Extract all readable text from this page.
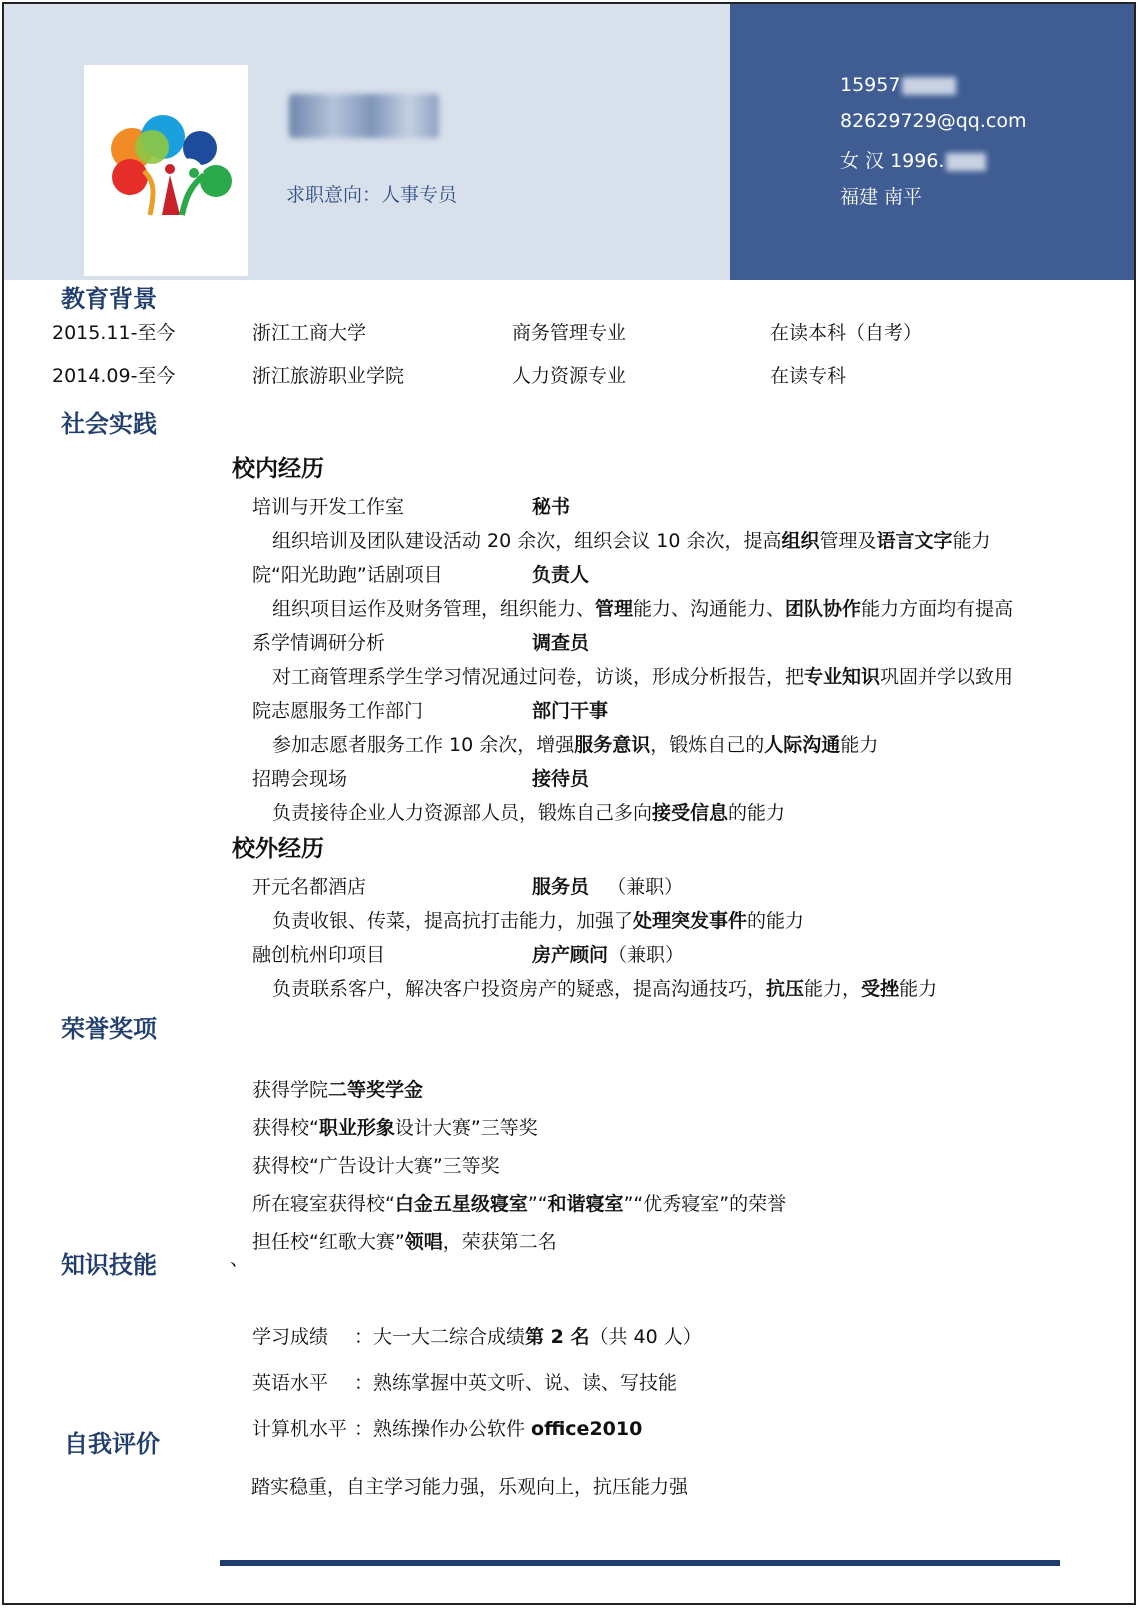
求职意向：人事专员
15957
82629729@qq.com
女 汉 1996.
福建 南平
教育背景
2015.11-至今	浙江工商大学	商务管理专业	在读本科（自考）
2014.09-至今	浙江旅游职业学院	人力资源专业	在读专科
社会实践
校内经历
培训与开发工作室	秘书
组织培训及团队建设活动 20 余次，组织会议 10 余次，提高组织管理及语言文字能力
院“阳光助跑”话剧项目	负责人
组织项目运作及财务管理，组织能力、管理能力、沟通能力、团队协作能力方面均有提高
系学情调研分析	调查员
对工商管理系学生学习情况通过问卷，访谈，形成分析报告，把专业知识巩固并学以致用
院志愿服务工作部门	部门干事
参加志愿者服务工作 10 余次，增强服务意识，锻炼自己的人际沟通能力
招聘会现场	接待员
负责接待企业人力资源部人员，锻炼自己多向接受信息的能力
校外经历
开元名都酒店	服务员   （兼职）
负责收银、传菜，提高抗打击能力，加强了处理突发事件的能力
融创杭州印项目	房产顾问（兼职）
负责联系客户，解决客户投资房产的疑惑，提高沟通技巧，抗压能力，受挫能力
荣誉奖项
获得学院二等奖学金
获得校“职业形象设计大赛”三等奖
获得校“广告设计大赛”三等奖
所在寝室获得校“白金五星级寝室”“和谐寝室”“优秀寝室”的荣誉
担任校“红歌大赛”领唱，荣获第二名
知识技能	、
学习成绩 ：大一大二综合成绩第 2 名（共 40 人）
英语水平 ：熟练掌握中英文听、说、读、写技能
计算机水平 ：熟练操作办公软件 office2010
自我评价
踏实稳重，自主学习能力强，乐观向上，抗压能力强
